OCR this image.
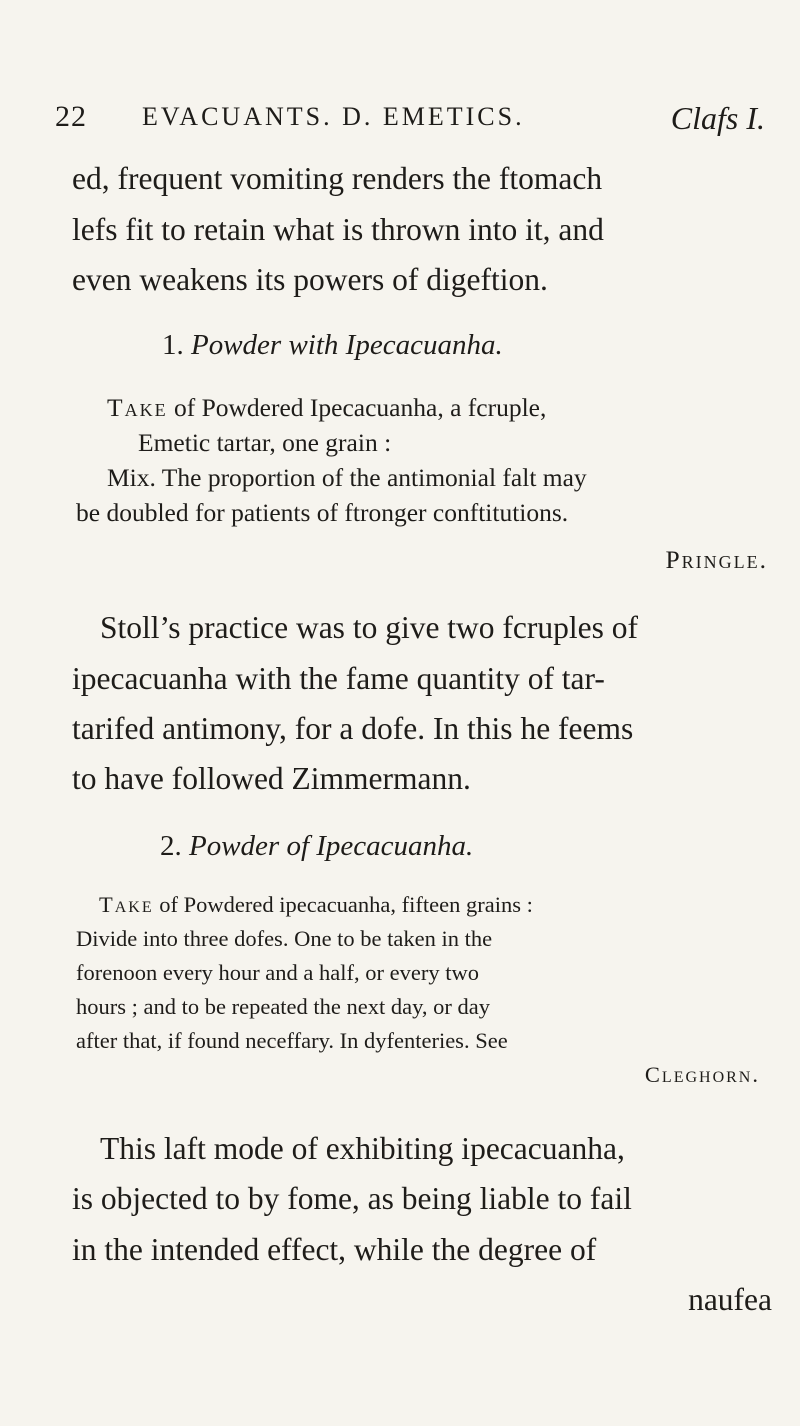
22 EVACUANTS. D. EMETICS.	Clafs I.
ed, frequent vomiting renders the ftomach
lefs fit to retain what is thrown into it, and
even weakens its powers of digeftion.
1. Powder with Ipecacuanha.
Take of Powdered Ipecacuanha, a fcruple,
Emetic tartar, one grain :
Mix. The proportion of the antimonial falt may
be doubled for patients of ftronger conftitutions.
Pringle.
Stoll’s practice was to give two fcruples of
ipecacuanha with the fame quantity of tar-
tarifed antimony, for a dofe. In this he feems
to have followed Zimmermann.
2. Powder of Ipecacuanha.
Take of Powdered ipecacuanha, fifteen grains :
Divide into three dofes. One to be taken in the
forenoon every hour and a half, or every two
hours ; and to be repeated the next day, or day
after that, if found neceffary. In dyfenteries. See
Cleghorn.
This laft mode of exhibiting ipecacuanha,
is objected to by fome, as being liable to fail
in the intended effect, while the degree of
naufea
